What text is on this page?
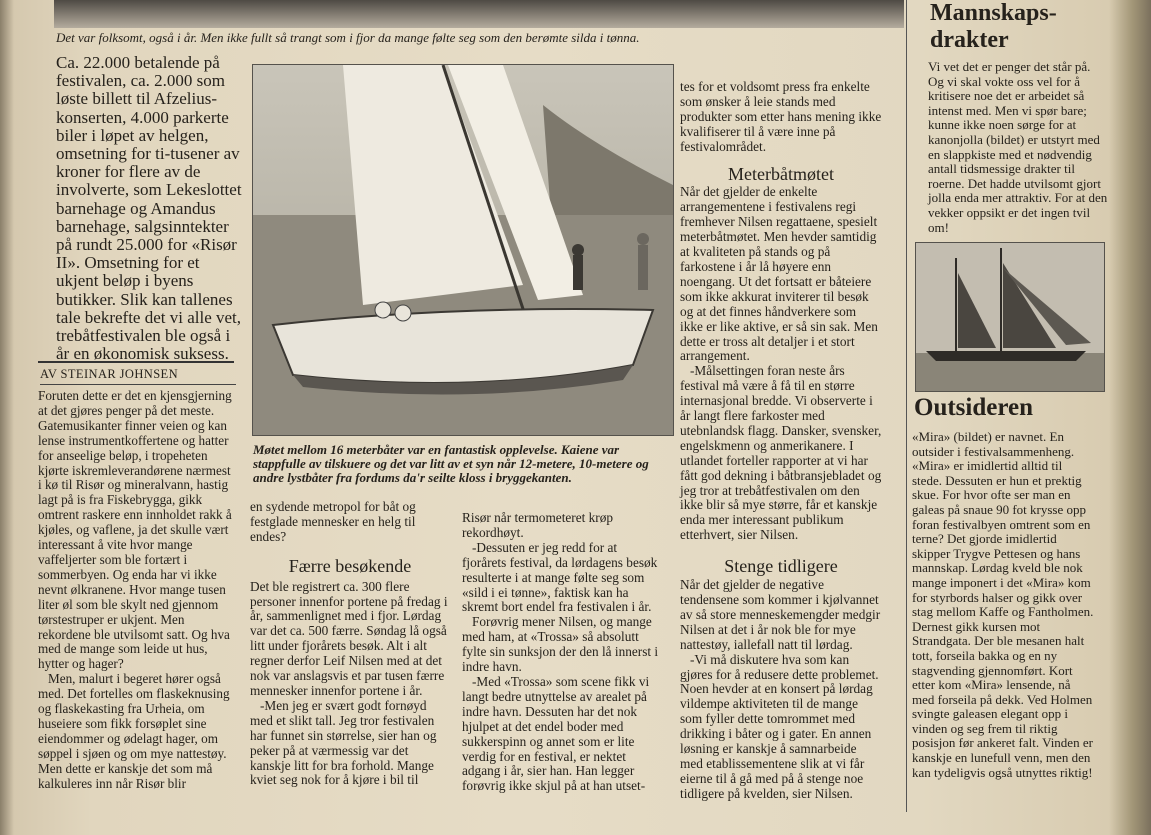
Det var folksomt, også i år. Men ikke fullt så trangt som i fjor da mange følte seg som den berømte silda i tønna.
Ca. 22.000 betalende på festivalen, ca. 2.000 som løste billett til Afzelius-konserten, 4.000 parkerte biler i løpet av helgen, omsetning for ti-tusener av kroner for flere av de involverte, som Lekeslottet barnehage og Amandus barnehage, salgsinntekter på rundt 25.000 for «Risør II». Omsetning for et ukjent beløp i byens butikker. Slik kan tallenes tale bekrefte det vi alle vet, trebåtfestivalen ble også i år en økonomisk suksess.
AV STEINAR JOHNSEN

Foruten dette er det en kjensgjerning at det gjøres penger på det meste. Gatemusikanter finner veien og kan lense instrumentkoffertene og hatter for anseelige beløp, i tropeheten kjørte iskremleverandørene nærmest i kø til Risør og mineralvann, hastig lagt på is fra Fiskebrygga, gikk omtrent raskere enn innholdet rakk å kjøles, og vaflene, ja det skulle vært interessant å vite hvor mange vaffeljerter som ble fortært i sommerbyen. Og enda har vi ikke nevnt ølkranene. Hvor mange tusen liter øl som ble skylt ned gjennom tørstestruper er ukjent. Men rekordene ble utvilsomt satt. Og hva med de mange som leide ut hus, hytter og hager?

Men, malurt i begeret hører også med. Det fortelles om flaskeknusing og flaskekasting fra Urheia, om huseiere som fikk forsøplet sine eiendommer og ødelagt hager, om søppel i sjøen og om mye nattestøy. Men dette er kanskje det som må kalkuleres inn når Risør blir

Møtet mellom 16 meterbåter var en fantastisk opplevelse. Kaiene var stappfulle av tilskuere og det var litt av et syn når 12-metere, 10-metere og andre lystbåter fra fordums da'r seilte kloss i bryggekanten.

en sydende metropol for båt og festglade mennesker en helg til endes?

Færre besøkende

Det ble registrert ca. 300 flere personer innenfor portene på fredag i år, sammenlignet med i fjor. Lørdag var det ca. 500 færre. Søndag lå også litt under fjorårets besøk. Alt i alt regner derfor Leif Nilsen med at det nok var anslagsvis et par tusen færre mennesker innenfor portene i år.

-Men jeg er svært godt fornøyd med et slikt tall. Jeg tror festivalen har funnet sin størrelse, sier han og peker på at værmessig var det kanskje litt for bra forhold. Mange kviet seg nok for å kjøre i bil til

Risør når termometeret krøp rekordhøyt.

-Dessuten er jeg redd for at fjorårets festival, da lørdagens besøk resulterte i at mange følte seg som «sild i ei tønne», faktisk kan ha skremt bort endel fra festivalen i år.

Forøvrig mener Nilsen, og mange med ham, at «Trossa» så absolutt fylte sin sunksjon der den lå innerst i indre havn.

-Med «Trossa» som scene fikk vi langt bedre utnyttelse av arealet på indre havn. Dessuten har det nok hjulpet at det endel boder med sukkerspinn og annet som er lite verdig for en festival, er nektet adgang i år, sier han. Han legger forøvrig ikke skjul på at han utset-

tes for et voldsomt press fra enkelte som ønsker å leie stands med produkter som etter hans mening ikke kvalifiserer til å være inne på festivalområdet.

Meterbåtmøtet

Når det gjelder de enkelte arrangementene i festivalens regi fremhever Nilsen regattaene, spesielt meterbåtmøtet. Men hevder samtidig at kvaliteten på stands og på farkostene i år lå høyere enn noengang. Ut det fortsatt er båteiere som ikke akkurat inviterer til besøk og at det finnes håndverkere som ikke er like aktive, er så sin sak. Men dette er tross alt detaljer i et stort arrangement.

-Målsettingen foran neste års festival må være å få til en større internasjonal bredde. Vi observerte i år langt flere farkoster med utebnlandsk flagg. Dansker, svensker, engelskmenn og anmerikanere. I utlandet forteller rapporter at vi har fått god dekning i båtbransjebladet og jeg tror at trebåtfestivalen om den ikke blir så mye større, får et kanskje enda mer interessant publikum etterhvert, sier Nilsen.

Stenge tidligere

Når det gjelder de negative tendensene som kommer i kjølvannet av så store menneskemengder medgir Nilsen at det i år nok ble for mye nattestøy, iallefall natt til lørdag.

-Vi må diskutere hva som kan gjøres for å redusere dette problemet. Noen hevder at en konsert på lørdag vildempe aktiviteten til de mange som fyller dette tomrommet med drikking i båter og i gater. En annen løsning er kanskje å samnarbeide med etablissementene slik at vi får eierne til å gå med på å stenge noe tidligere på kvelden, sier Nilsen.

Mannskaps-drakter
Vi vet det er penger det står på. Og vi skal vokte oss vel for å kritisere noe det er arbeidet så intenst med. Men vi spør bare; kunne ikke noen sørge for at kanonjolla (bildet) er utstyrt med en slappkiste med et nødvendig antall tidsmessige drakter til roerne. Det hadde utvilsomt gjort jolla enda mer attraktiv. For at den vekker oppsikt er det ingen tvil om!
Outsideren
«Mira» (bildet) er navnet. En outsider i festivalsammenheng. «Mira» er imidlertid alltid til stede. Dessuten er hun et prektig skue. For hvor ofte ser man en galeas på snaue 90 fot krysse opp foran festivalbyen omtrent som en terne? Det gjorde imidlertid skipper Trygve Pettesen og hans mannskap. Lørdag kveld ble nok mange imponert i det «Mira» kom for styrbords halser og gikk over stag mellom Kaffe og Fantholmen. Dernest gikk kursen mot Strandgata. Der ble mesanen halt tott, forseila bakka og en ny stagvending gjennomført. Kort etter kom «Mira» lensende, nå med forseila på dekk. Ved Holmen svingte galeasen elegant opp i vinden og seg frem til riktig posisjon før ankeret falt. Vinden er kanskje en lunefull venn, men den kan tydeligvis også utnyttes riktig!
